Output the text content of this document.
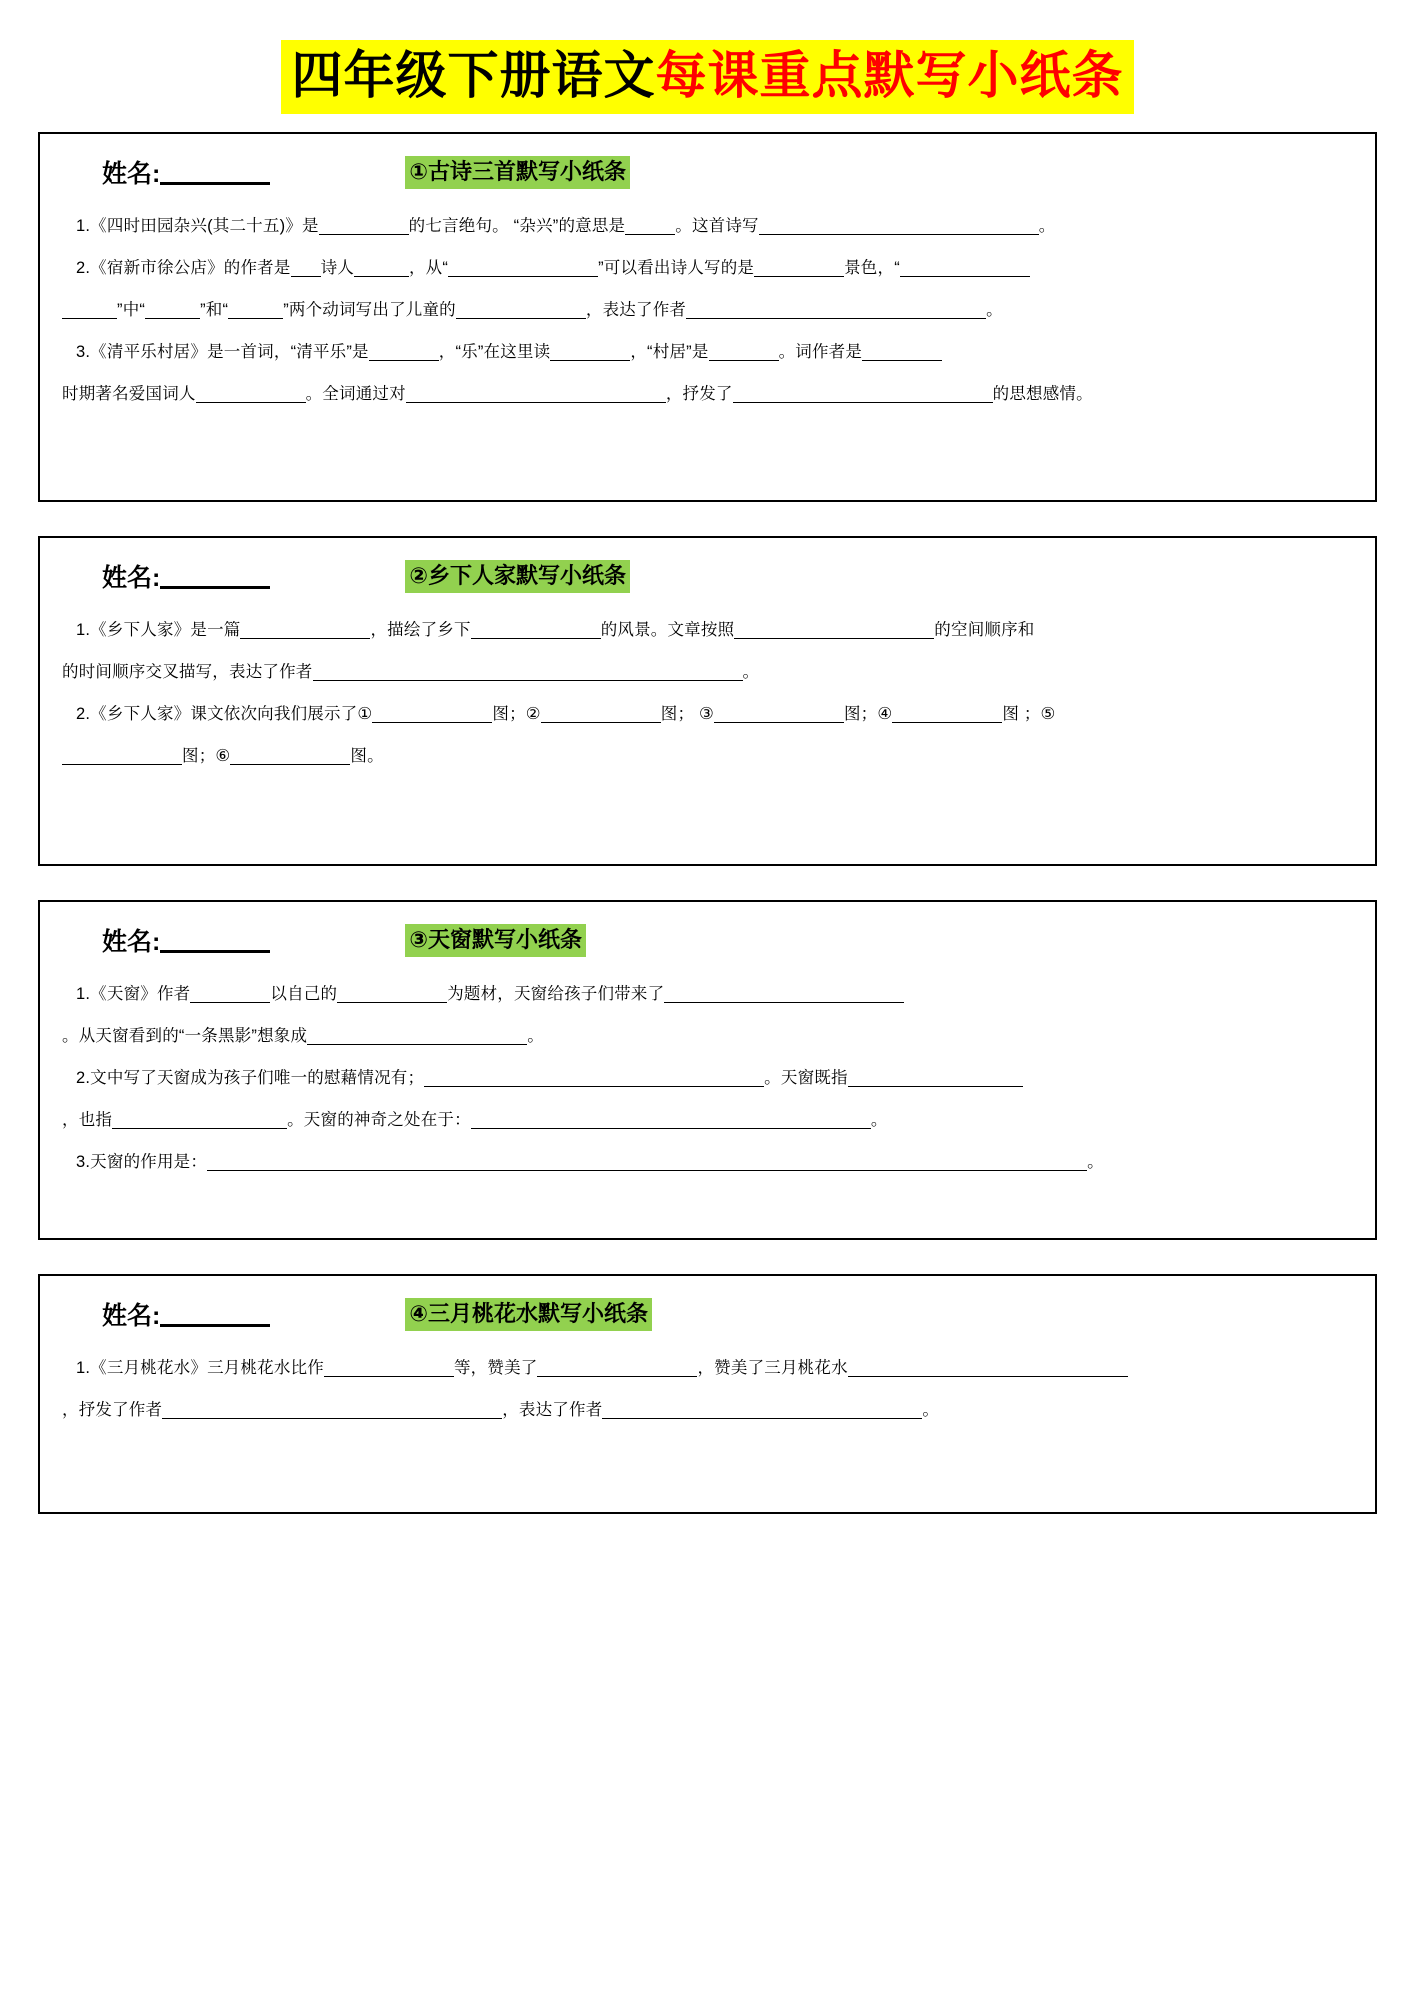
四年级下册语文每课重点默写小纸条
姓名:	①古诗三首默写小纸条
1.《四时田园杂兴(其二十五)》是	的七言绝句。 “杂兴”的意思是	。这首诗写	。
2.《宿新市徐公店》的作者是 诗人	，从“	”可以看出诗人写的是	景色，“
”中“	”和“	”两个动词写出了儿童的	，表达了作者	。
3.《清平乐村居》是一首词，“清平乐”是	，“乐”在这里读	，“村居”是	。词作者是
时期著名爱国词人	。全词通过对	，抒发了	的思想感情。
姓名:	②乡下人家默写小纸条
1.《乡下人家》是一篇	，描绘了乡下	的风景。文章按照	的空间顺序和
的时间顺序交叉描写，表达了作者	。
2.《乡下人家》课文依次向我们展示了①	图；②	图； ③	图；④	图 ；⑤
图；⑥	图。
姓名:	③天窗默写小纸条
1.《天窗》作者	以自己的	为题材，天窗给孩子们带来了
。从天窗看到的“一条黑影”想象成	。
2.文中写了天窗成为孩子们唯一的慰藉情况有；	。天窗既指
，也指	。天窗的神奇之处在于：	。
3.天窗的作用是：	。
姓名:	④三月桃花水默写小纸条
1.《三月桃花水》三月桃花水比作	等，赞美了	，赞美了三月桃花水
，抒发了作者	，表达了作者	。
